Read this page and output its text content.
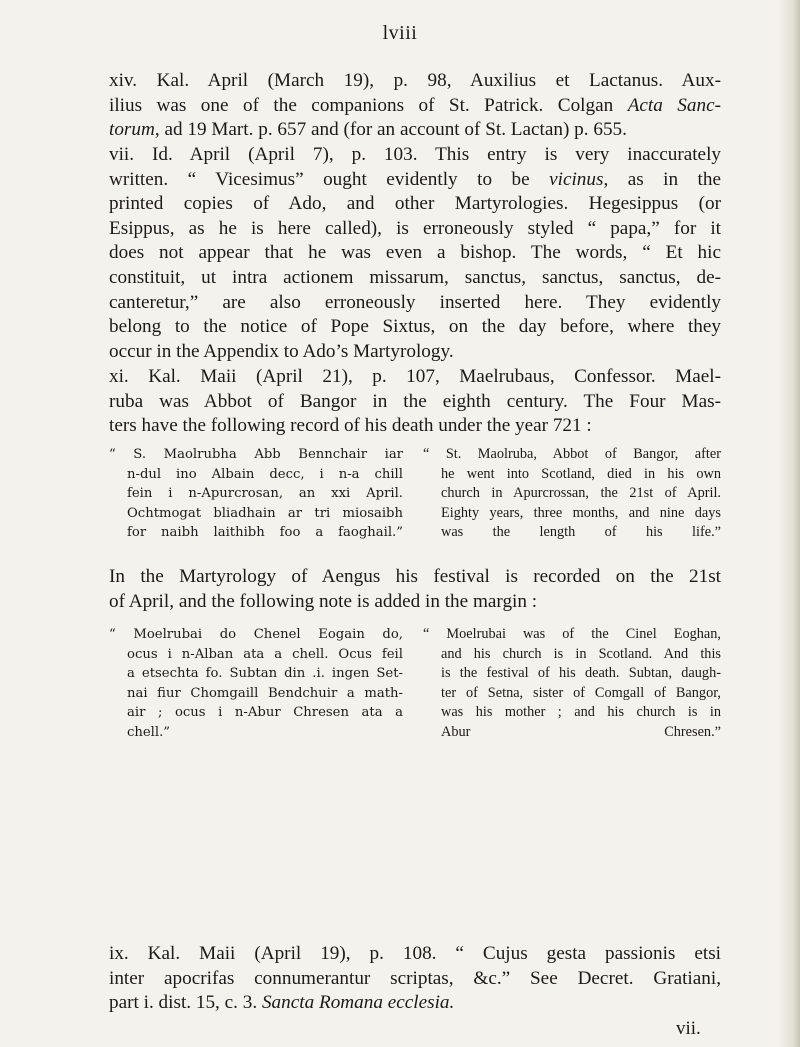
lviii
xiv. Kal. April (March 19), p. 98, Auxilius et Lactanus. Aux-
ilius was one of the companions of St. Patrick. Colgan Acta Sanc-
torum, ad 19 Mart. p. 657 and (for an account of St. Lactan) p. 655.
vii. Id. April (April 7), p. 103. This entry is very inaccurately
written. “ Vicesimus” ought evidently to be vicinus, as in the
printed copies of Ado, and other Martyrologies. Hegesippus (or
Esippus, as he is here called), is erroneously styled “ papa,” for it
does not appear that he was even a bishop. The words, “ Et hic
constituit, ut intra actionem missarum, sanctus, sanctus, sanctus, de-
canteretur,” are also erroneously inserted here. They evidently
belong to the notice of Pope Sixtus, on the day before, where they
occur in the Appendix to Ado’s Martyrology.
xi. Kal. Maii (April 21), p. 107, Maelrubaus, Confessor. Mael-
ruba was Abbot of Bangor in the eighth century. The Four Mas-
ters have the following record of his death under the year 721 :
“ S. Maolrubha Abb Bennchair iar
n-dul ino Albain decc, i n-a chill
fein i n-Apurcrosan, an xxi April.
Ochtmogat bliadhain ar tri miosaibh
for naibh laithibh foo a faoghail.”
“ St. Maolruba, Abbot of Bangor, after
he went into Scotland, died in his own
church in Apurcrossan, the 21st of April.
Eighty years, three months, and nine days
was the length of his life.”
In the Martyrology of Aengus his festival is recorded on the 21st
of April, and the following note is added in the margin :
“ Moelrubai do Chenel Eogain do,
ocus i n-Alban ata a chell. Ocus feil
a etsechta fo. Subtan din .i. ingen Set-
nai fiur Chomgaill Bendchuir a math-
air ; ocus i n-Abur Chresen ata a
chell.”
“ Moelrubai was of the Cinel Eoghan,
and his church is in Scotland. And this
is the festival of his death. Subtan, daugh-
ter of Setna, sister of Comgall of Bangor,
was his mother ; and his church is in
Abur Chresen.”
ix. Kal. Maii (April 19), p. 108. “ Cujus gesta passionis etsi
inter apocrifas connumerantur scriptas, &c.” See Decret. Gratiani,
part i. dist. 15, c. 3. Sancta Romana ecclesia.
vii.
